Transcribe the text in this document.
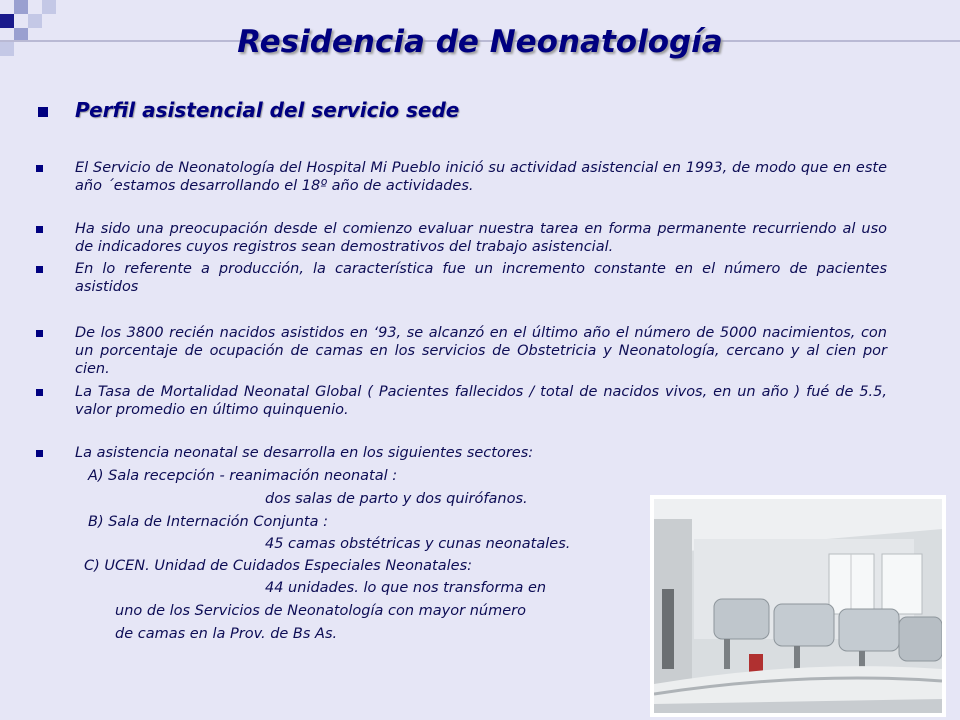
Residencia de Neonatología
Perfil asistencial del servicio sede
El Servicio de Neonatología del Hospital Mi Pueblo inició su actividad asistencial en 1993, de modo que en este año ´estamos desarrollando el 18º año de actividades.
Ha sido una preocupación desde el comienzo evaluar nuestra tarea en forma permanente recurriendo al uso de indicadores cuyos registros sean demostrativos del trabajo asistencial.
En lo referente a producción, la característica fue un incremento constante en el número de pacientes asistidos
De los 3800 recién nacidos asistidos en ‘93, se alcanzó en el último año el número de 5000 nacimientos, con un porcentaje de ocupación de camas en los servicios de Obstetricia y Neonatología, cercano y al cien por cien.
La Tasa de Mortalidad Neonatal Global ( Pacientes fallecidos / total de nacidos vivos, en un año ) fué de 5.5, valor promedio en último quinquenio.
La asistencia neonatal se desarrolla en los siguientes sectores:
A) Sala recepción - reanimación neonatal :
dos salas de parto y dos quirófanos.
B) Sala de Internación Conjunta :
45 camas obstétricas y cunas neonatales.
C) UCEN. Unidad de Cuidados Especiales Neonatales:
44 unidades. lo que nos transforma en
uno de los Servicios de Neonatología con mayor número
de camas en la Prov. de Bs As.
